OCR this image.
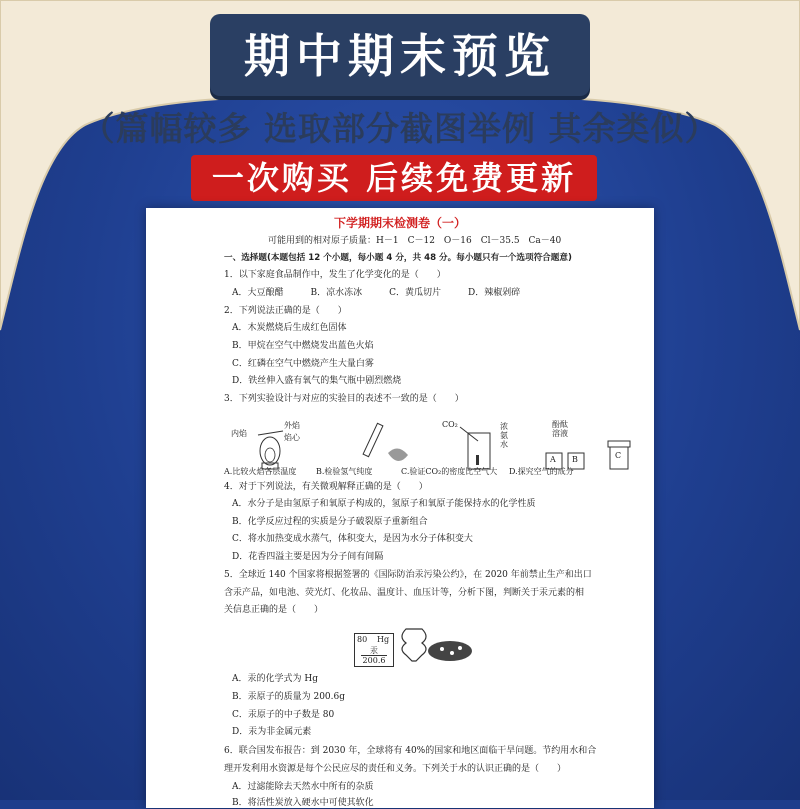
期中期末预览
（篇幅较多 选取部分截图举例 其余类似）
一次购买 后续免费更新
下学期期末检测卷（一）
可能用到的相对原子质量：H－1　C－12　O－16　Cl－35.5　Ca－40
一、选择题(本题包括 12 个小题，每小题 4 分，共 48 分。每小题只有一个选项符合题意)
1．以下家庭食品制作中，发生了化学变化的是（　　）
A．大豆酿醋　　　B．凉水冻冰　　　C．黄瓜切片　　　D．辣椒剁碎
2．下列说法正确的是（　　）
A．木炭燃烧后生成红色固体
B．甲烷在空气中燃烧发出蓝色火焰
C．红磷在空气中燃烧产生大量白雾
D．铁丝伸入盛有氧气的集气瓶中剧烈燃烧
3．下列实验设计与对应的实验目的表述不一致的是（　　）
内焰
外焰
焰心
CO₂	浓
氨
水
酚酞
溶液
A B	C
A.比较火焰各层温度 B.检验氢气纯度	C.验证CO₂的密度比空气大 D.探究空气的成分
4．对于下列说法，有关微观解释正确的是（　　）
A．水分子是由氢原子和氧原子构成的，氢原子和氧原子能保持水的化学性质
B．化学反应过程的实质是分子破裂原子重新组合
C．将水加热变成水蒸气，体积变大，是因为水分子体积变大
D．花香四溢主要是因为分子间有间隔
5．全球近 140 个国家将根据签署的《国际防治汞污染公约》，在 2020 年前禁止生产和出口
含汞产品，如电池、荧光灯、化妆品、温度计、血压计等，分析下图，判断关于汞元素的相
关信息正确的是（　　）
80 Hg
汞
200.6
A．汞的化学式为 Hg
B．汞原子的质量为 200.6g
C．汞原子的中子数是 80
D．汞为非金属元素
6．联合国发布报告：到 2030 年，全球将有 40%的国家和地区面临干旱问题。节约用水和合
理开发利用水资源是每个公民应尽的责任和义务。下列关于水的认识正确的是（　　）
A．过滤能除去天然水中所有的杂质
B．将活性炭放入硬水中可使其软化
